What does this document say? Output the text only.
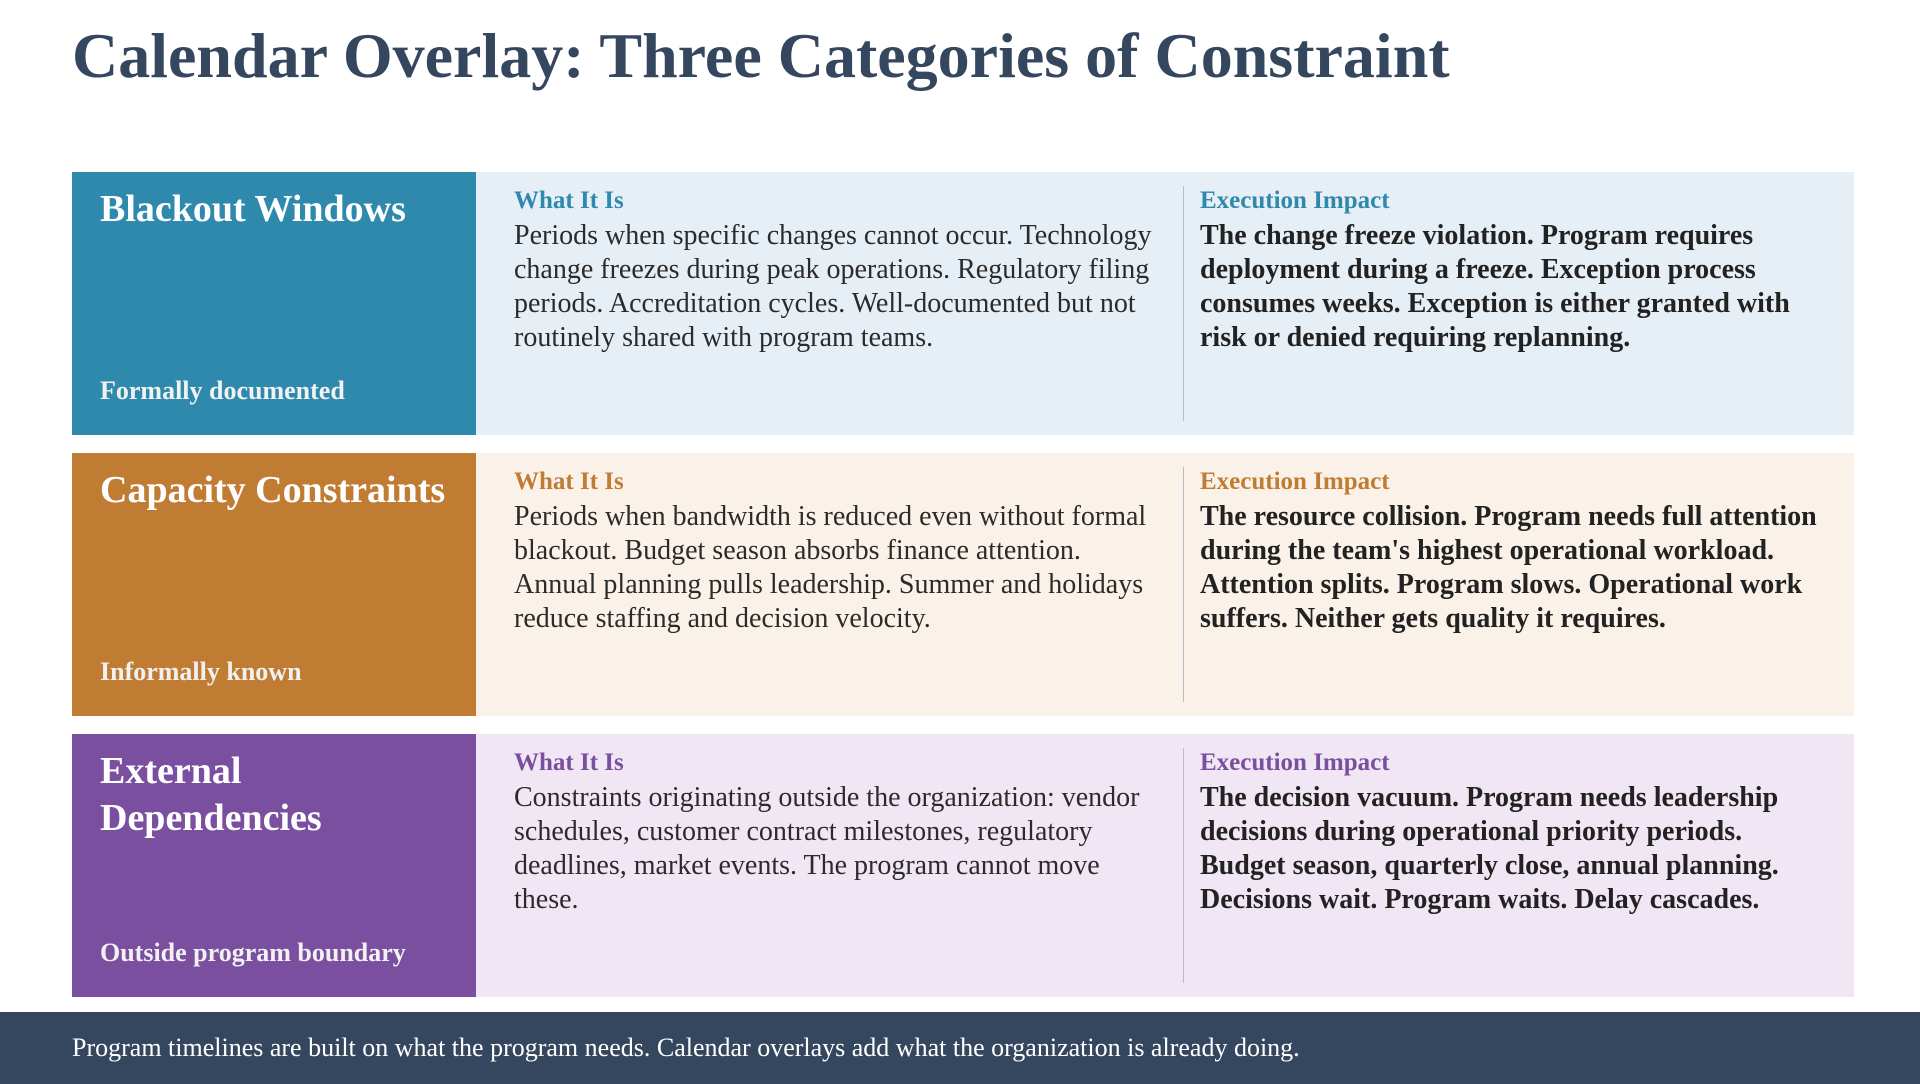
Calendar Overlay: Three Categories of Constraint
Blackout Windows
Formally documented
What It Is
Periods when specific changes cannot occur. Technology change freezes during peak operations. Regulatory filing periods. Accreditation cycles. Well-documented but not routinely shared with program teams.
Execution Impact
The change freeze violation. Program requires deployment during a freeze. Exception process consumes weeks. Exception is either granted with risk or denied requiring replanning.
Capacity Constraints
Informally known
What It Is
Periods when bandwidth is reduced even without formal blackout. Budget season absorbs finance attention. Annual planning pulls leadership. Summer and holidays reduce staffing and decision velocity.
Execution Impact
The resource collision. Program needs full attention during the team's highest operational workload. Attention splits. Program slows. Operational work suffers. Neither gets quality it requires.
External Dependencies
Outside program boundary
What It Is
Constraints originating outside the organization: vendor schedules, customer contract milestones, regulatory deadlines, market events. The program cannot move these.
Execution Impact
The decision vacuum. Program needs leadership decisions during operational priority periods. Budget season, quarterly close, annual planning. Decisions wait. Program waits. Delay cascades.
Program timelines are built on what the program needs. Calendar overlays add what the organization is already doing.
